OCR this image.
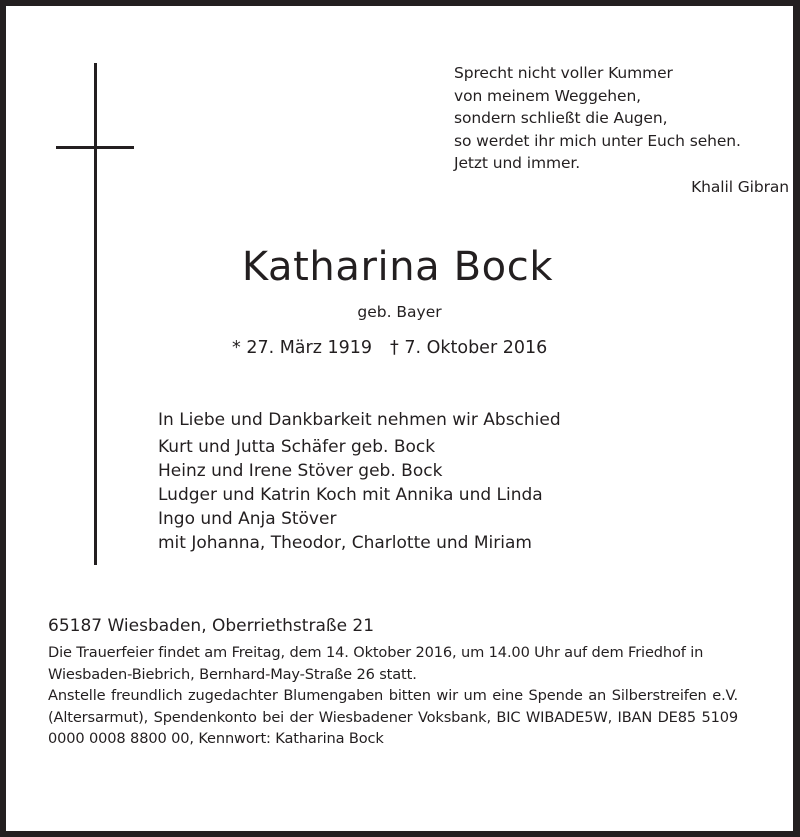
Sprecht nicht voller Kummer
von meinem Weggehen,
sondern schließt die Augen,
so werdet ihr mich unter Euch sehen.
Jetzt und immer.
Khalil Gibran
Katharina Bock
geb. Bayer
* 27. März 1919 † 7. Oktober 2016
In Liebe und Dankbarkeit nehmen wir Abschied
Kurt und Jutta Schäfer geb. Bock
Heinz und Irene Stöver geb. Bock
Ludger und Katrin Koch mit Annika und Linda
Ingo und Anja Stöver
mit Johanna, Theodor, Charlotte und Miriam
65187 Wiesbaden, Oberriethstraße 21

Die Trauerfeier findet am Freitag, dem 14. Oktober 2016, um 14.00 Uhr auf dem Friedhof in Wiesbaden-Biebrich, Bernhard-May-Straße 26 statt.

Anstelle freundlich zugedachter Blumengaben bitten wir um eine Spende an Silberstreifen e.V. (Altersarmut), Spendenkonto bei der Wiesbadener Voksbank, BIC WIBADE5W, IBAN DE85 5109 0000 0008 8800 00, Kennwort: Katharina Bock
